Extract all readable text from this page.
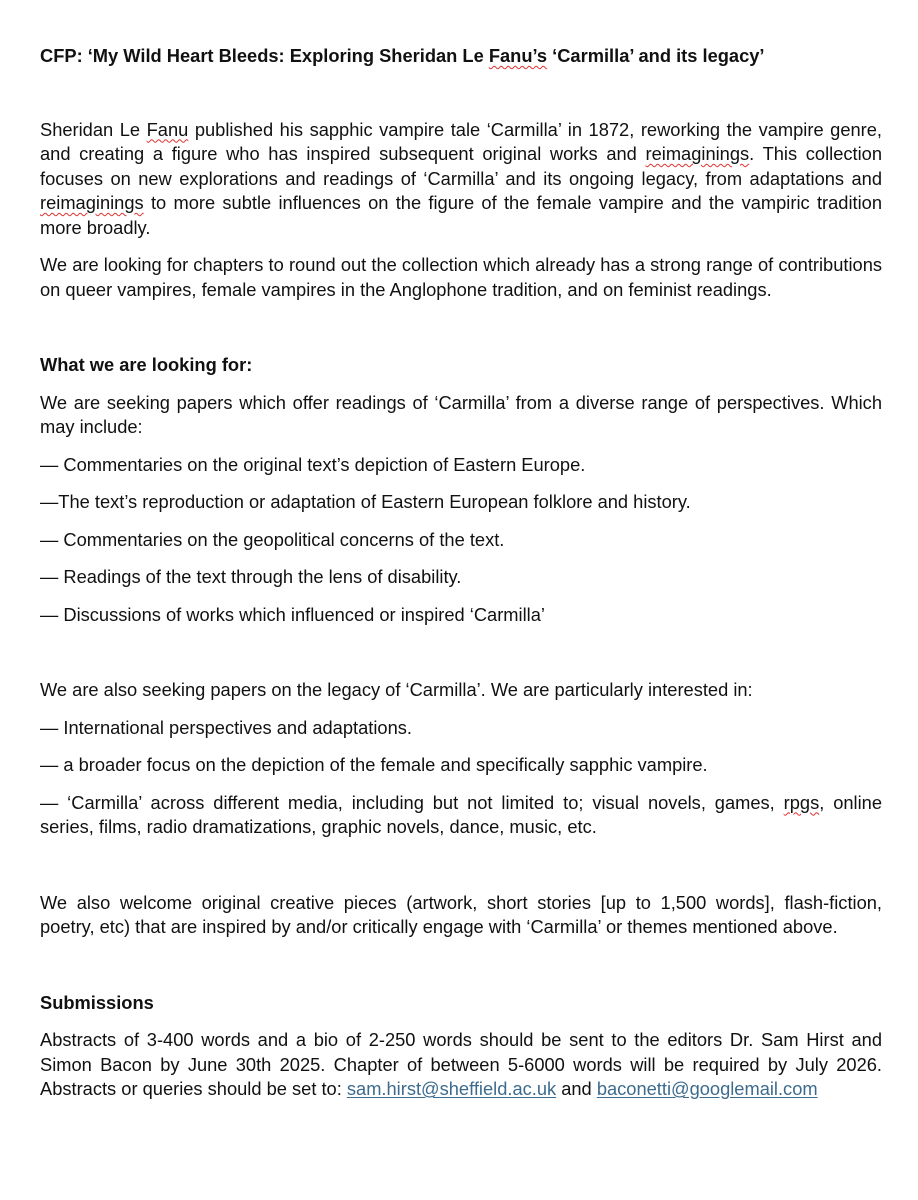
CFP: ‘My Wild Heart Bleeds: Exploring Sheridan Le Fanu’s ‘Carmilla’ and its legacy’

Sheridan Le Fanu published his sapphic vampire tale ‘Carmilla’ in 1872, reworking the vampire genre, and creating a figure who has inspired subsequent original works and reimaginings. This collection focuses on new explorations and readings of ‘Carmilla’ and its ongoing legacy, from adaptations and reimaginings to more subtle influences on the figure of the female vampire and the vampiric tradition more broadly.

We are looking for chapters to round out the collection which already has a strong range of contributions on queer vampires, female vampires in the Anglophone tradition, and on feminist readings.

What we are looking for:

We are seeking papers which offer readings of ‘Carmilla’ from a diverse range of perspectives. Which may include:

— Commentaries on the original text’s depiction of Eastern Europe.

—The text’s reproduction or adaptation of Eastern European folklore and history.

— Commentaries on the geopolitical concerns of the text.

— Readings of the text through the lens of disability.

— Discussions of works which influenced or inspired ‘Carmilla’

We are also seeking papers on the legacy of ‘Carmilla’. We are particularly interested in:

— International perspectives and adaptations.

— a broader focus on the depiction of the female and specifically sapphic vampire.

— ‘Carmilla’ across different media, including but not limited to; visual novels, games, rpgs, online series, films, radio dramatizations, graphic novels, dance, music, etc.

We also welcome original creative pieces (artwork, short stories [up to 1,500 words], flash-fiction, poetry, etc) that are inspired by and/or critically engage with ‘Carmilla’ or themes mentioned above.

Submissions

Abstracts of 3-400 words and a bio of 2-250 words should be sent to the editors Dr. Sam Hirst and Simon Bacon by June 30th 2025. Chapter of between 5-6000 words will be required by July 2026. Abstracts or queries should be set to: sam.hirst@sheffield.ac.uk and baconetti@googlemail.com
